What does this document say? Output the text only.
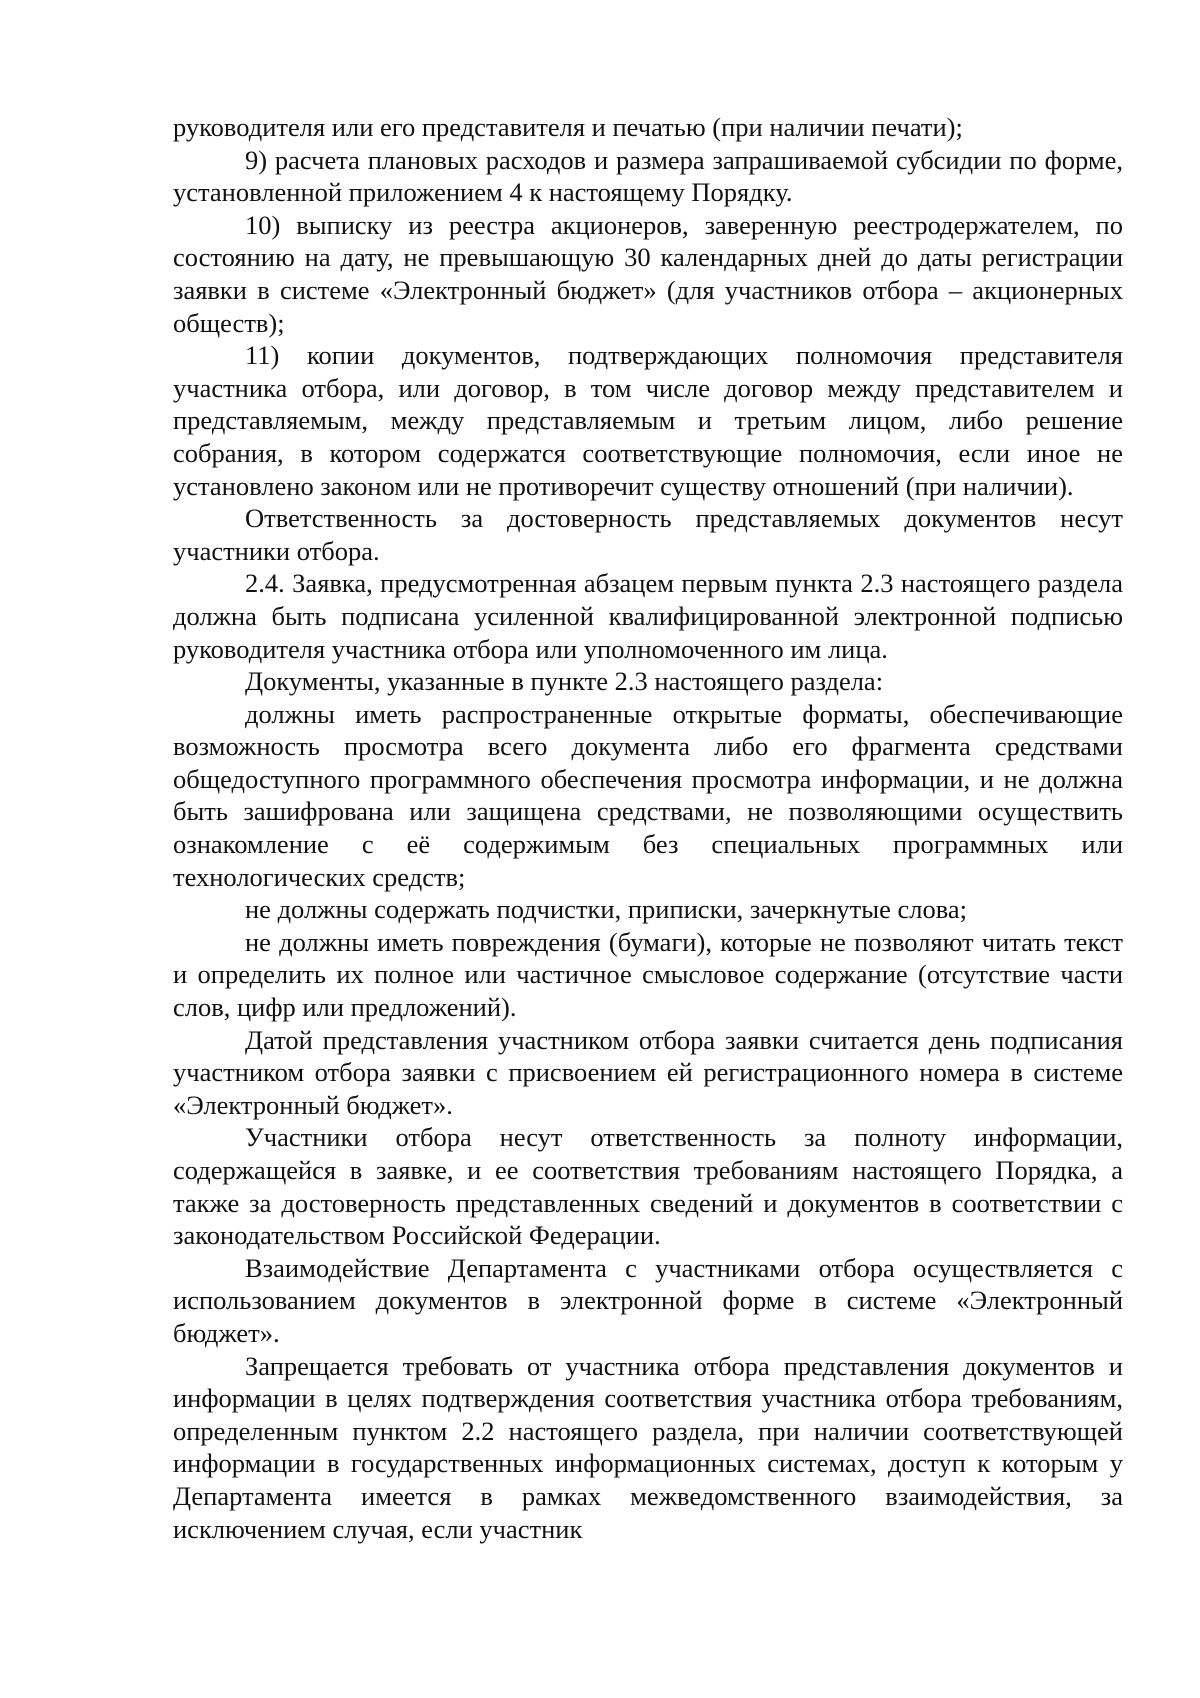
руководителя или его представителя и печатью (при наличии печати);

9) расчета плановых расходов и размера запрашиваемой субсидии по форме, установленной приложением 4 к настоящему Порядку.

10) выписку из реестра акционеров, заверенную реестродержателем, по состоянию на дату, не превышающую 30 календарных дней до даты регистрации заявки в системе «Электронный бюджет» (для участников отбора – акционерных обществ);

11) копии документов, подтверждающих полномочия представителя участника отбора, или договор, в том числе договор между представителем и представляемым, между представляемым и третьим лицом, либо решение собрания, в котором содержатся соответствующие полномочия, если иное не установлено законом или не противоречит существу отношений (при наличии).

Ответственность за достоверность представляемых документов несут участники отбора.

2.4. Заявка, предусмотренная абзацем первым пункта 2.3 настоящего раздела должна быть подписана усиленной квалифицированной электронной подписью руководителя участника отбора или уполномоченного им лица.

Документы, указанные в пункте 2.3 настоящего раздела:

должны иметь распространенные открытые форматы, обеспечивающие возможность просмотра всего документа либо его фрагмента средствами общедоступного программного обеспечения просмотра информации, и не должна быть зашифрована или защищена средствами, не позволяющими осуществить ознакомление с её содержимым без специальных программных или технологических средств;

не должны содержать подчистки, приписки, зачеркнутые слова;

не должны иметь повреждения (бумаги), которые не позволяют читать текст и определить их полное или частичное смысловое содержание (отсутствие части слов, цифр или предложений).

Датой представления участником отбора заявки считается день подписания участником отбора заявки с присвоением ей регистрационного номера в системе «Электронный бюджет».

Участники отбора несут ответственность за полноту информации, содержащейся в заявке, и ее соответствия требованиям настоящего Порядка, а также за достоверность представленных сведений и документов в соответствии с законодательством Российской Федерации.

Взаимодействие Департамента с участниками отбора осуществляется с использованием документов в электронной форме в системе «Электронный бюджет».

Запрещается требовать от участника отбора представления документов и информации в целях подтверждения соответствия участника отбора требованиям, определенным пунктом 2.2 настоящего раздела, при наличии соответствующей информации в государственных информационных системах, доступ к которым у Департамента имеется в рамках межведомственного взаимодействия, за исключением случая, если участник
